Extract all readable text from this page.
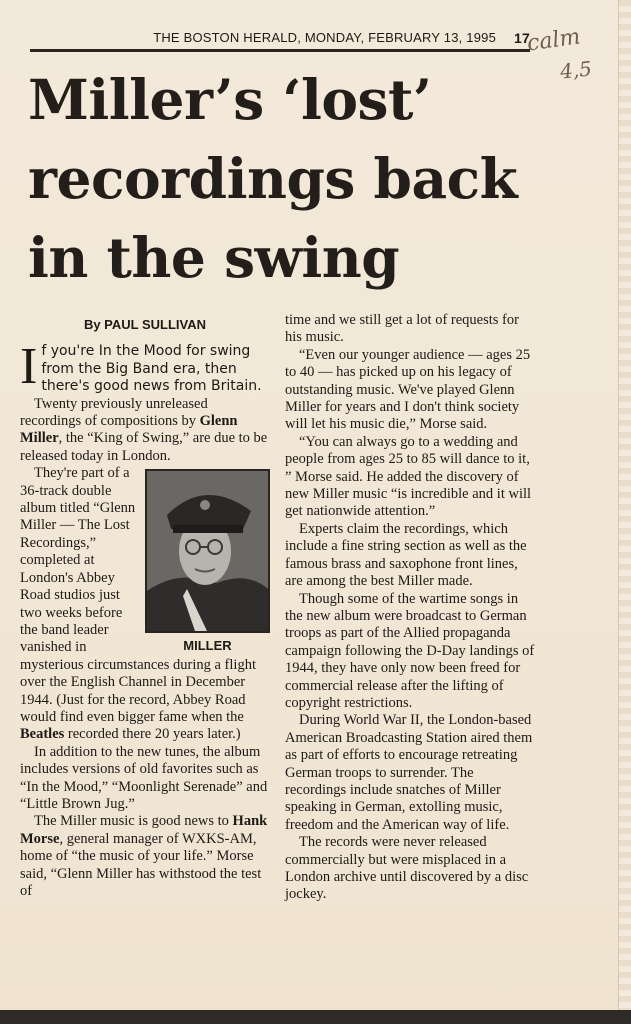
THE BOSTON HERALD, MONDAY, FEBRUARY 13, 1995 17
calm
4,5
Miller’s ‘lost’
recordings back
in the swing
By PAUL SULLIVAN

If you're In the Mood for swing from the Big Band era, then there's good news from Britain.

Twenty previously unreleased recordings of compositions by Glenn Miller, the “King of Swing,” are due to be released today in London.

MILLER

They're part of a 36-track double album titled “Glenn Miller — The Lost Recordings,” completed at London's Abbey Road studios just two weeks before the band leader vanished in mysterious circumstances during a flight over the English Channel in December 1944. (Just for the record, Abbey Road would find even bigger fame when the Beatles recorded there 20 years later.)

In addition to the new tunes, the album includes versions of old favorites such as “In the Mood,” “Moonlight Serenade” and “Little Brown Jug.”

The Miller music is good news to Hank Morse, general manager of WXKS-AM, home of “the music of your life.” Morse said, “Glenn Miller has withstood the test of

time and we still get a lot of requests for his music.

“Even our younger audience — ages 25 to 40 — has picked up on his legacy of outstanding music. We've played Glenn Miller for years and I don't think society will let his music die,” Morse said.

“You can always go to a wedding and people from ages 25 to 85 will dance to it, ” Morse said. He added the discovery of new Miller music “is incredible and it will get nationwide attention.”

Experts claim the recordings, which include a fine string section as well as the famous brass and saxophone front lines, are among the best Miller made.

Though some of the wartime songs in the new album were broadcast to German troops as part of the Allied propaganda campaign following the D-Day landings of 1944, they have only now been freed for commercial release after the lifting of copyright restrictions.

During World War II, the London-based American Broadcasting Station aired them as part of efforts to encourage retreating German troops to surrender. The recordings include snatches of Miller speaking in German, extolling music, freedom and the American way of life.

The records were never released commercially but were misplaced in a London archive until discovered by a disc jockey.
